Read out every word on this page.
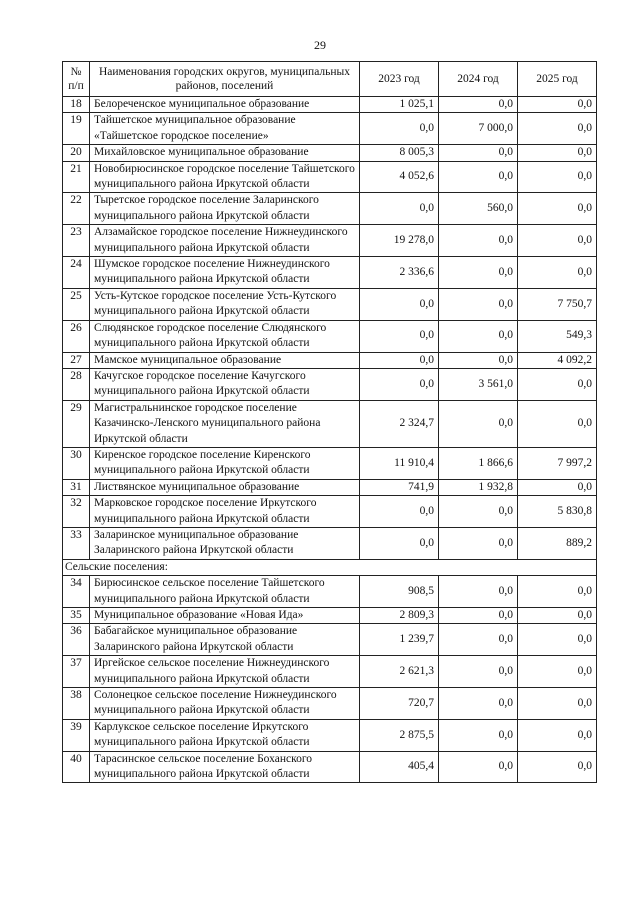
29
№ п/п	Наименования городских округов, муниципальных районов, поселений	2023 год	2024 год	2025 год
18	Белореченское муниципальное образование	1 025,1	0,0	0,0
19	Тайшетское муниципальное образование «Тайшетское городское поселение»	0,0	7 000,0	0,0
20	Михайловское муниципальное образование	8 005,3	0,0	0,0
21	Новобирюсинское городское поселение Тайшетского муниципального района Иркутской области	4 052,6	0,0	0,0
22	Тыретское городское поселение Заларинского муниципального района Иркутской области	0,0	560,0	0,0
23	Алзамайское городское поселение Нижнеудинского муниципального района Иркутской области	19 278,0	0,0	0,0
24	Шумское городское поселение Нижнеудинского муниципального района Иркутской области	2 336,6	0,0	0,0
25	Усть-Кутское городское поселение Усть-Кутского муниципального района Иркутской области	0,0	0,0	7 750,7
26	Слюдянское городское поселение Слюдянского муниципального района Иркутской области	0,0	0,0	549,3
27	Мамское муниципальное образование	0,0	0,0	4 092,2
28	Качугское городское поселение Качугского муниципального района Иркутской области	0,0	3 561,0	0,0
29	Магистральнинское городское поселение Казачинско-Ленского муниципального района Иркутской области	2 324,7	0,0	0,0
30	Киренское городское поселение Киренского муниципального района Иркутской области	11 910,4	1 866,6	7 997,2
31	Листвянское муниципальное образование	741,9	1 932,8	0,0
32	Марковское городское поселение Иркутского муниципального района Иркутской области	0,0	0,0	5 830,8
33	Заларинское муниципальное образование Заларинского района Иркутской области	0,0	0,0	889,2
Сельские поселения:				
34	Бирюсинское сельское поселение Тайшетского муниципального района Иркутской области	908,5	0,0	0,0
35	Муниципальное образование «Новая Ида»	2 809,3	0,0	0,0
36	Бабагайское муниципальное образование Заларинского района Иркутской области	1 239,7	0,0	0,0
37	Иргейское сельское поселение Нижнеудинского муниципального района Иркутской области	2 621,3	0,0	0,0
38	Солонецкое сельское поселение Нижнеудинского муниципального района Иркутской области	720,7	0,0	0,0
39	Карлукское сельское поселение Иркутского муниципального района Иркутской области	2 875,5	0,0	0,0
40	Тарасинское сельское поселение Боханского муниципального района Иркутской области	405,4	0,0	0,0
